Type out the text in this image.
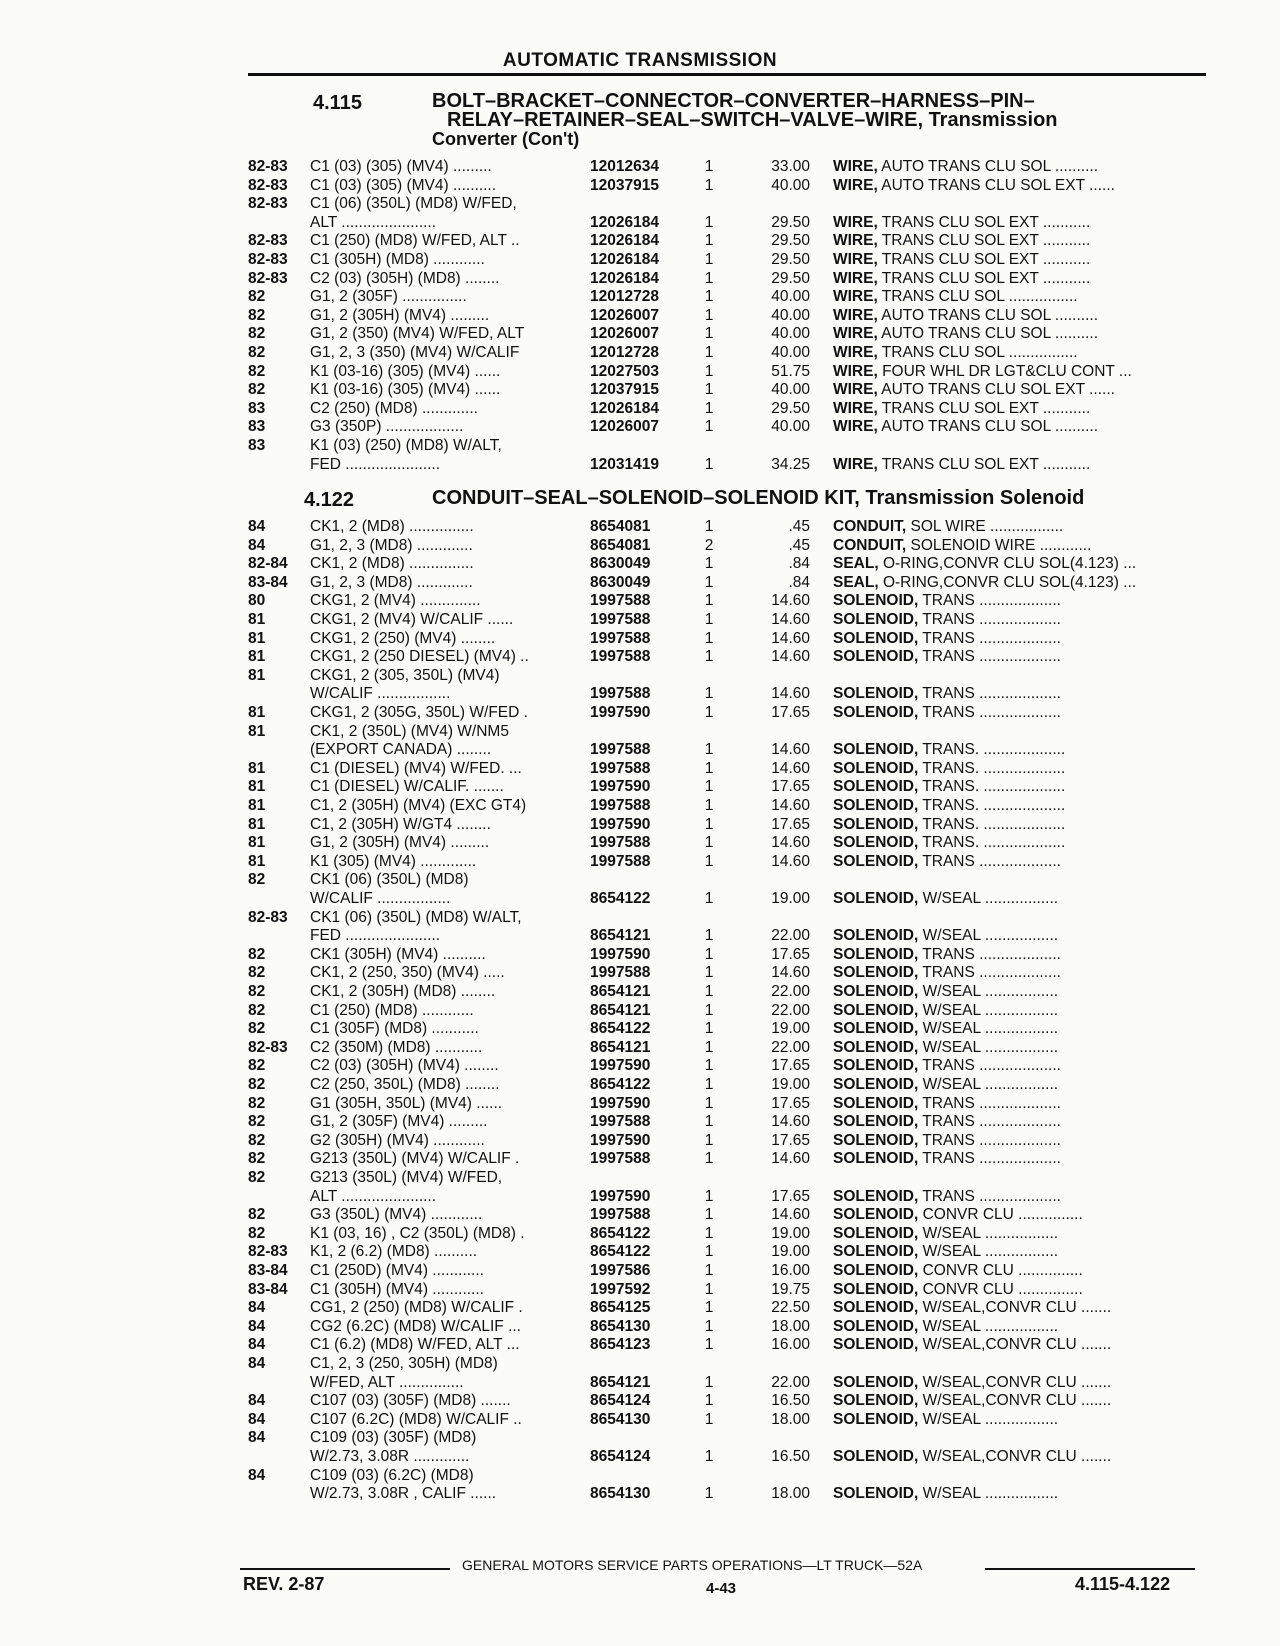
AUTOMATIC TRANSMISSION
4.115	BOLT–BRACKET–CONNECTOR–CONVERTER–HARNESS–PIN–
RELAY–RETAINER–SEAL–SWITCH–VALVE–WIRE, Transmission
Converter (Con't)
82-83 C1 (03) (305) (MV4) .........	12012634	1	33.00 WIRE, AUTO TRANS CLU SOL ..........
82-83 C1 (03) (305) (MV4) ..........	12037915	1	40.00 WIRE, AUTO TRANS CLU SOL EXT ......
82-83 C1 (06) (350L) (MD8) W/FED,
ALT ......................	12026184	1	29.50 WIRE, TRANS CLU SOL EXT ...........
82-83 C1 (250) (MD8) W/FED, ALT ..	12026184	1	29.50 WIRE, TRANS CLU SOL EXT ...........
82-83 C1 (305H) (MD8) ............	12026184	1	29.50 WIRE, TRANS CLU SOL EXT ...........
82-83 C2 (03) (305H) (MD8) ........	12026184	1	29.50 WIRE, TRANS CLU SOL EXT ...........
82	G1, 2 (305F) ...............	12012728	1	40.00 WIRE, TRANS CLU SOL ................
82	G1, 2 (305H) (MV4) .........	12026007	1	40.00 WIRE, AUTO TRANS CLU SOL ..........
82	G1, 2 (350) (MV4) W/FED, ALT	12026007	1	40.00 WIRE, AUTO TRANS CLU SOL ..........
82	G1, 2, 3 (350) (MV4) W/CALIF	12012728	1	40.00 WIRE, TRANS CLU SOL ................
82	K1 (03-16) (305) (MV4) ......	12027503	1	51.75 WIRE, FOUR WHL DR LGT&CLU CONT ...
82	K1 (03-16) (305) (MV4) ......	12037915	1	40.00 WIRE, AUTO TRANS CLU SOL EXT ......
83	C2 (250) (MD8) .............	12026184	1	29.50 WIRE, TRANS CLU SOL EXT ...........
83	G3 (350P) ..................	12026007	1	40.00 WIRE, AUTO TRANS CLU SOL ..........
83	K1 (03) (250) (MD8) W/ALT,
FED ......................	12031419	1	34.25 WIRE, TRANS CLU SOL EXT ...........
4.122	CONDUIT–SEAL–SOLENOID–SOLENOID KIT, Transmission Solenoid
84	CK1, 2 (MD8) ...............	8654081	1	.45 CONDUIT, SOL WIRE .................
84	G1, 2, 3 (MD8) .............	8654081	2	.45 CONDUIT, SOLENOID WIRE ............
82-84 CK1, 2 (MD8) ...............	8630049	1	.84 SEAL, O-RING,CONVR CLU SOL(4.123) ...
83-84 G1, 2, 3 (MD8) .............	8630049	1	.84 SEAL, O-RING,CONVR CLU SOL(4.123) ...
80	CKG1, 2 (MV4) ..............	1997588	1	14.60 SOLENOID, TRANS ...................
81	CKG1, 2 (MV4) W/CALIF ......	1997588	1	14.60 SOLENOID, TRANS ...................
81	CKG1, 2 (250) (MV4) ........	1997588	1	14.60 SOLENOID, TRANS ...................
81	CKG1, 2 (250 DIESEL) (MV4) ..	1997588	1	14.60 SOLENOID, TRANS ...................
81	CKG1, 2 (305, 350L) (MV4)
W/CALIF .................	1997588	1	14.60 SOLENOID, TRANS ...................
81	CKG1, 2 (305G, 350L) W/FED .	1997590	1	17.65 SOLENOID, TRANS ...................
81	CK1, 2 (350L) (MV4) W/NM5
(EXPORT CANADA) ........	1997588	1	14.60 SOLENOID, TRANS. ...................
81	C1 (DIESEL) (MV4) W/FED. ...	1997588	1	14.60 SOLENOID, TRANS. ...................
81	C1 (DIESEL) W/CALIF. .......	1997590	1	17.65 SOLENOID, TRANS. ...................
81	C1, 2 (305H) (MV4) (EXC GT4)	1997588	1	14.60 SOLENOID, TRANS. ...................
81	C1, 2 (305H) W/GT4 ........	1997590	1	17.65 SOLENOID, TRANS. ...................
81	G1, 2 (305H) (MV4) .........	1997588	1	14.60 SOLENOID, TRANS. ...................
81	K1 (305) (MV4) .............	1997588	1	14.60 SOLENOID, TRANS ...................
82	CK1 (06) (350L) (MD8)
W/CALIF .................	8654122	1	19.00 SOLENOID, W/SEAL .................
82-83 CK1 (06) (350L) (MD8) W/ALT,
FED ......................	8654121	1	22.00 SOLENOID, W/SEAL .................
82	CK1 (305H) (MV4) ..........	1997590	1	17.65 SOLENOID, TRANS ...................
82	CK1, 2 (250, 350) (MV4) .....	1997588	1	14.60 SOLENOID, TRANS ...................
82	CK1, 2 (305H) (MD8) ........	8654121	1	22.00 SOLENOID, W/SEAL .................
82	C1 (250) (MD8) ............	8654121	1	22.00 SOLENOID, W/SEAL .................
82	C1 (305F) (MD8) ...........	8654122	1	19.00 SOLENOID, W/SEAL .................
82-83 C2 (350M) (MD8) ...........	8654121	1	22.00 SOLENOID, W/SEAL .................
82	C2 (03) (305H) (MV4) ........	1997590	1	17.65 SOLENOID, TRANS ...................
82	C2 (250, 350L) (MD8) ........	8654122	1	19.00 SOLENOID, W/SEAL .................
82	G1 (305H, 350L) (MV4) ......	1997590	1	17.65 SOLENOID, TRANS ...................
82	G1, 2 (305F) (MV4) .........	1997588	1	14.60 SOLENOID, TRANS ...................
82	G2 (305H) (MV4) ............	1997590	1	17.65 SOLENOID, TRANS ...................
82	G213 (350L) (MV4) W/CALIF .	1997588	1	14.60 SOLENOID, TRANS ...................
82	G213 (350L) (MV4) W/FED,
ALT ......................	1997590	1	17.65 SOLENOID, TRANS ...................
82	G3 (350L) (MV4) ............	1997588	1	14.60 SOLENOID, CONVR CLU ...............
82	K1 (03, 16) , C2 (350L) (MD8) .	8654122	1	19.00 SOLENOID, W/SEAL .................
82-83 K1, 2 (6.2) (MD8) ..........	8654122	1	19.00 SOLENOID, W/SEAL .................
83-84 C1 (250D) (MV4) ............	1997586	1	16.00 SOLENOID, CONVR CLU ...............
83-84 C1 (305H) (MV4) ............	1997592	1	19.75 SOLENOID, CONVR CLU ...............
84	CG1, 2 (250) (MD8) W/CALIF .	8654125	1	22.50 SOLENOID, W/SEAL,CONVR CLU .......
84	CG2 (6.2C) (MD8) W/CALIF ...	8654130	1	18.00 SOLENOID, W/SEAL .................
84	C1 (6.2) (MD8) W/FED, ALT ...	8654123	1	16.00 SOLENOID, W/SEAL,CONVR CLU .......
84	C1, 2, 3 (250, 305H) (MD8)
W/FED, ALT ...............	8654121	1	22.00 SOLENOID, W/SEAL,CONVR CLU .......
84	C107 (03) (305F) (MD8) .......	8654124	1	16.50 SOLENOID, W/SEAL,CONVR CLU .......
84	C107 (6.2C) (MD8) W/CALIF ..	8654130	1	18.00 SOLENOID, W/SEAL .................
84	C109 (03) (305F) (MD8)
W/2.73, 3.08R .............	8654124	1	16.50 SOLENOID, W/SEAL,CONVR CLU .......
84	C109 (03) (6.2C) (MD8)
W/2.73, 3.08R , CALIF ......	8654130	1	18.00 SOLENOID, W/SEAL .................
GENERAL MOTORS SERVICE PARTS OPERATIONS—LT TRUCK—52A
REV. 2-87	4-43	4.115-4.122
